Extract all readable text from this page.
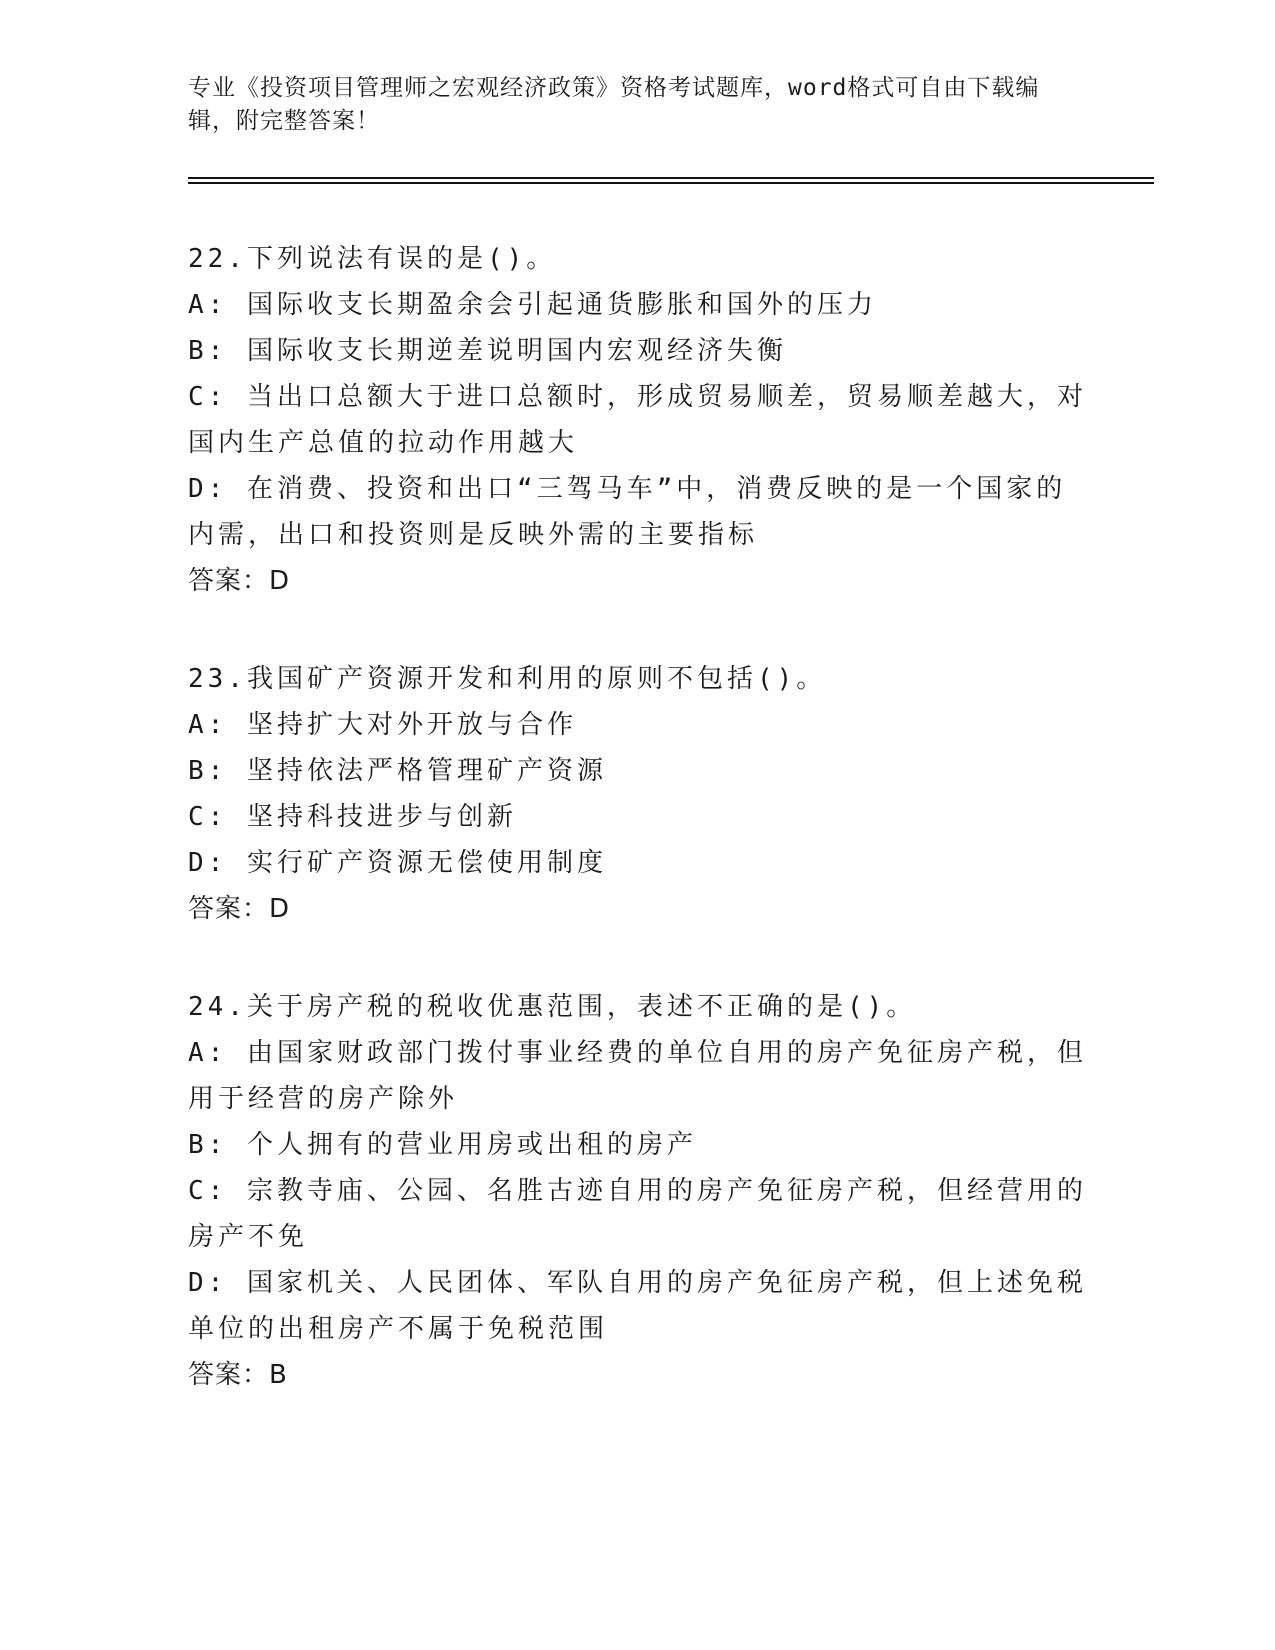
专业《投资项目管理师之宏观经济政策》资格考试题库，word格式可自由下载编辑，附完整答案！

22.下列说法有误的是()。

A: 国际收支长期盈余会引起通货膨胀和国外的压力

B: 国际收支长期逆差说明国内宏观经济失衡

C: 当出口总额大于进口总额时，形成贸易顺差，贸易顺差越大，对国内生产总值的拉动作用越大

D: 在消费、投资和出口“三驾马车”中，消费反映的是一个国家的内需，出口和投资则是反映外需的主要指标

答案：D

23.我国矿产资源开发和利用的原则不包括()。

A: 坚持扩大对外开放与合作

B: 坚持依法严格管理矿产资源

C: 坚持科技进步与创新

D: 实行矿产资源无偿使用制度

答案：D

24.关于房产税的税收优惠范围，表述不正确的是()。

A: 由国家财政部门拨付事业经费的单位自用的房产免征房产税，但用于经营的房产除外

B: 个人拥有的营业用房或出租的房产

C: 宗教寺庙、公园、名胜古迹自用的房产免征房产税，但经营用的房产不免

D: 国家机关、人民团体、军队自用的房产免征房产税，但上述免税单位的出租房产不属于免税范围

答案：B
